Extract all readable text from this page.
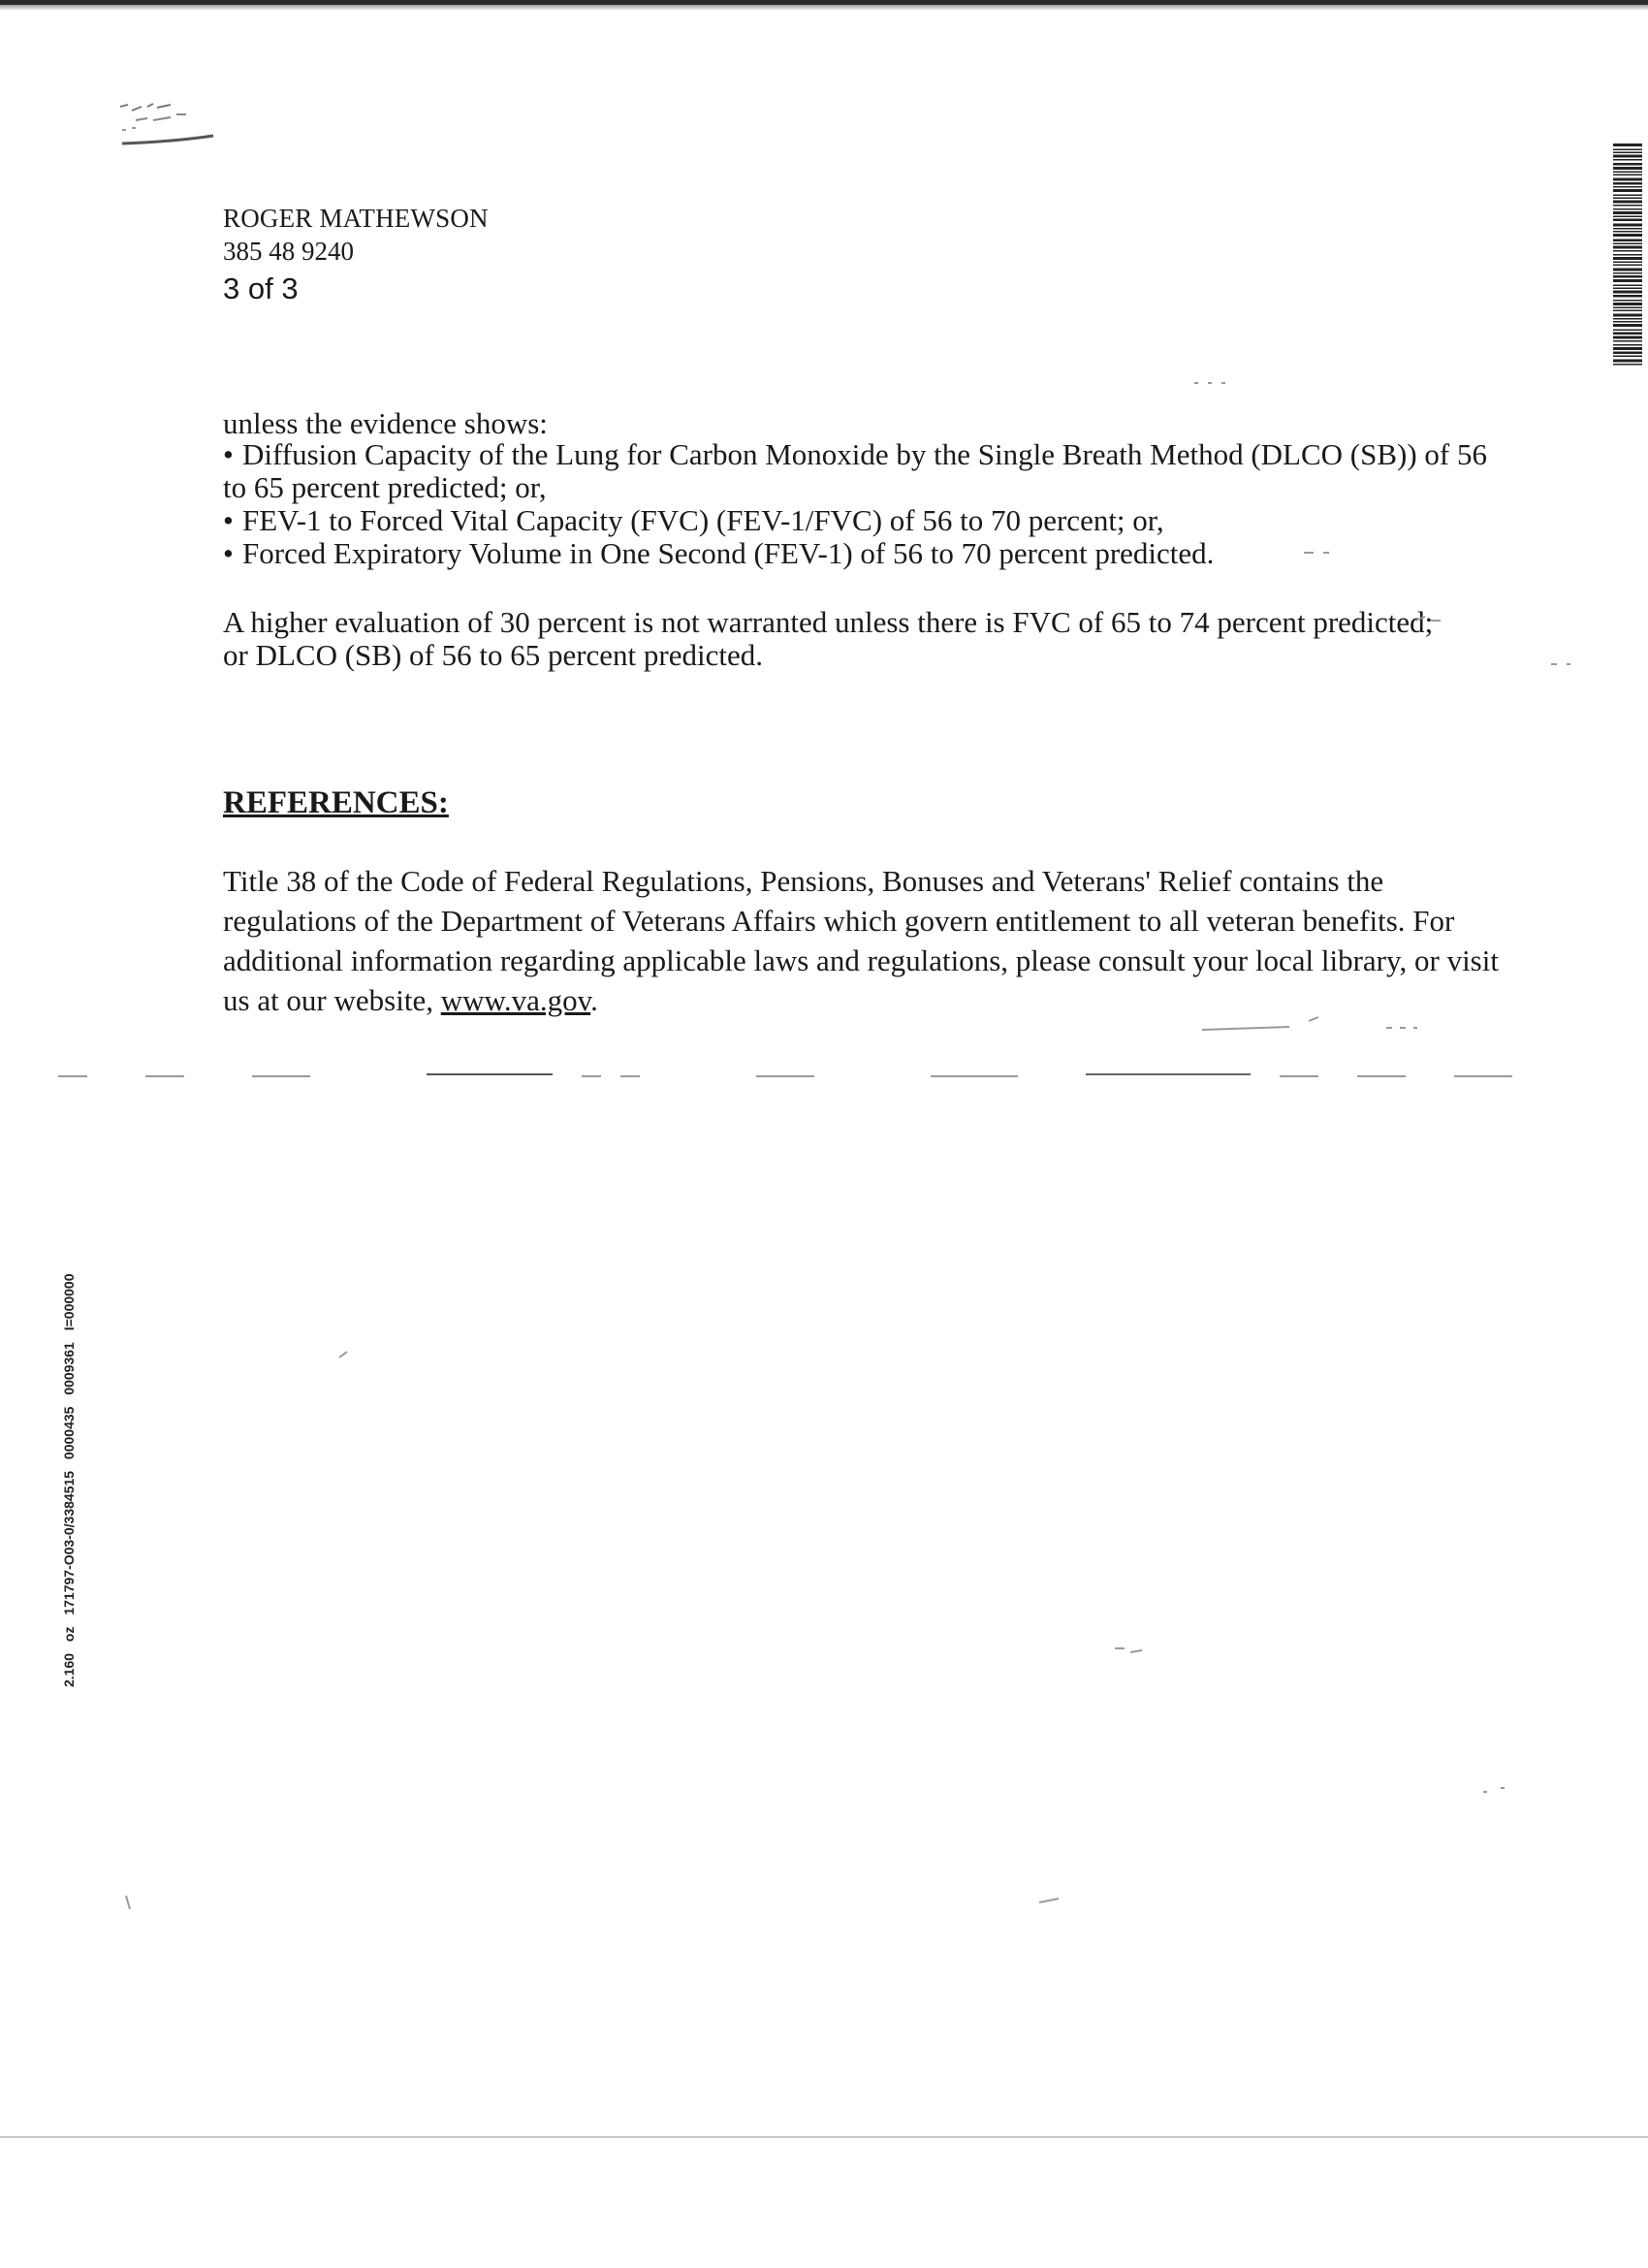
ROGER MATHEWSON
385 48 9240
3 of 3
unless the evidence shows:
• Diffusion Capacity of the Lung for Carbon Monoxide by the Single Breath Method (DLCO (SB)) of 56 to 65 percent predicted; or,
• FEV-1 to Forced Vital Capacity (FVC) (FEV-1/FVC) of 56 to 70 percent; or,
• Forced Expiratory Volume in One Second (FEV-1) of 56 to 70 percent predicted.
A higher evaluation of 30 percent is not warranted unless there is FVC of 65 to 74 percent predicted; or DLCO (SB) of 56 to 65 percent predicted.
REFERENCES:
Title 38 of the Code of Federal Regulations, Pensions, Bonuses and Veterans' Relief contains the regulations of the Department of Veterans Affairs which govern entitlement to all veteran benefits. For additional information regarding applicable laws and regulations, please consult your local library, or visit us at our website, www.va.gov.
2.160 oz 171797-O03-0/3384515 0000435 0009361 I=000000
